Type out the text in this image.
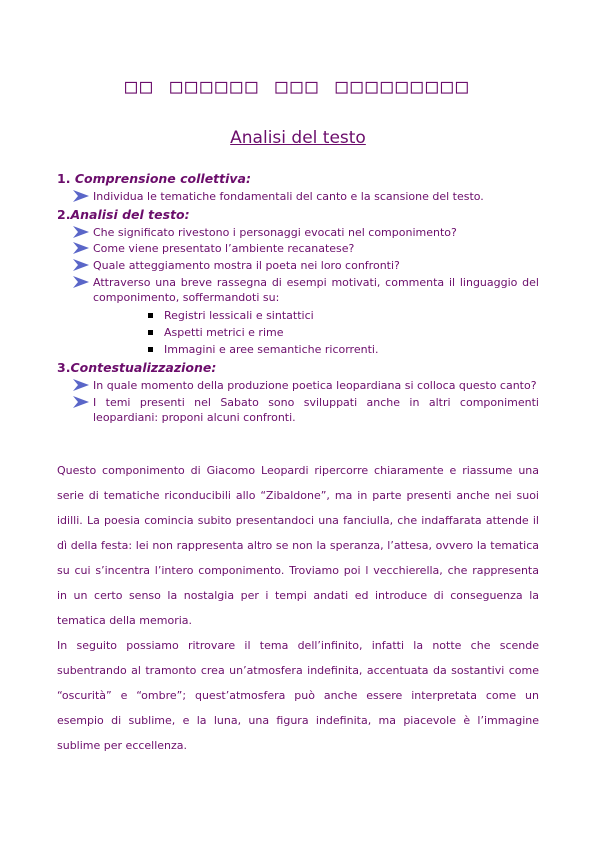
□□ □□□□□□ □□□ □□□□□□□□□
Analisi del testo
1. Comprensione collettiva:
Individua le tematiche fondamentali del canto e la scansione del testo.
2.Analisi del testo:
Che significato rivestono i personaggi evocati nel componimento?
Come viene presentato l’ambiente recanatese?
Quale atteggiamento mostra il poeta nei loro confronti?
Attraverso una breve rassegna di esempi motivati, commenta il linguaggio del componimento, soffermandoti su:
Registri lessicali e sintattici
Aspetti metrici e rime
Immagini e aree semantiche ricorrenti.
3.Contestualizzazione:
In quale momento della produzione poetica leopardiana si colloca questo canto?
I temi presenti nel Sabato sono sviluppati anche in altri componimenti leopardiani: proponi alcuni confronti.

Questo componimento di Giacomo Leopardi ripercorre chiaramente e riassume una serie di tematiche riconducibili allo “Zibaldone”, ma in parte presenti anche nei suoi idilli. La poesia comincia subito presentandoci una fanciulla, che indaffarata attende il dì della festa: lei non rappresenta altro se non la speranza, l’attesa, ovvero la tematica su cui s’incentra l’intero componimento. Troviamo poi l vecchierella, che rappresenta in un certo senso la nostalgia per i tempi andati ed introduce di conseguenza la tematica della memoria.

In seguito possiamo ritrovare il tema dell’infinito, infatti la notte che scende subentrando al tramonto crea un’atmosfera indefinita, accentuata da sostantivi come “oscurità” e “ombre”; quest’atmosfera può anche essere interpretata come un esempio di sublime, e la luna, una figura indefinita, ma piacevole è l’immagine sublime per eccellenza.
